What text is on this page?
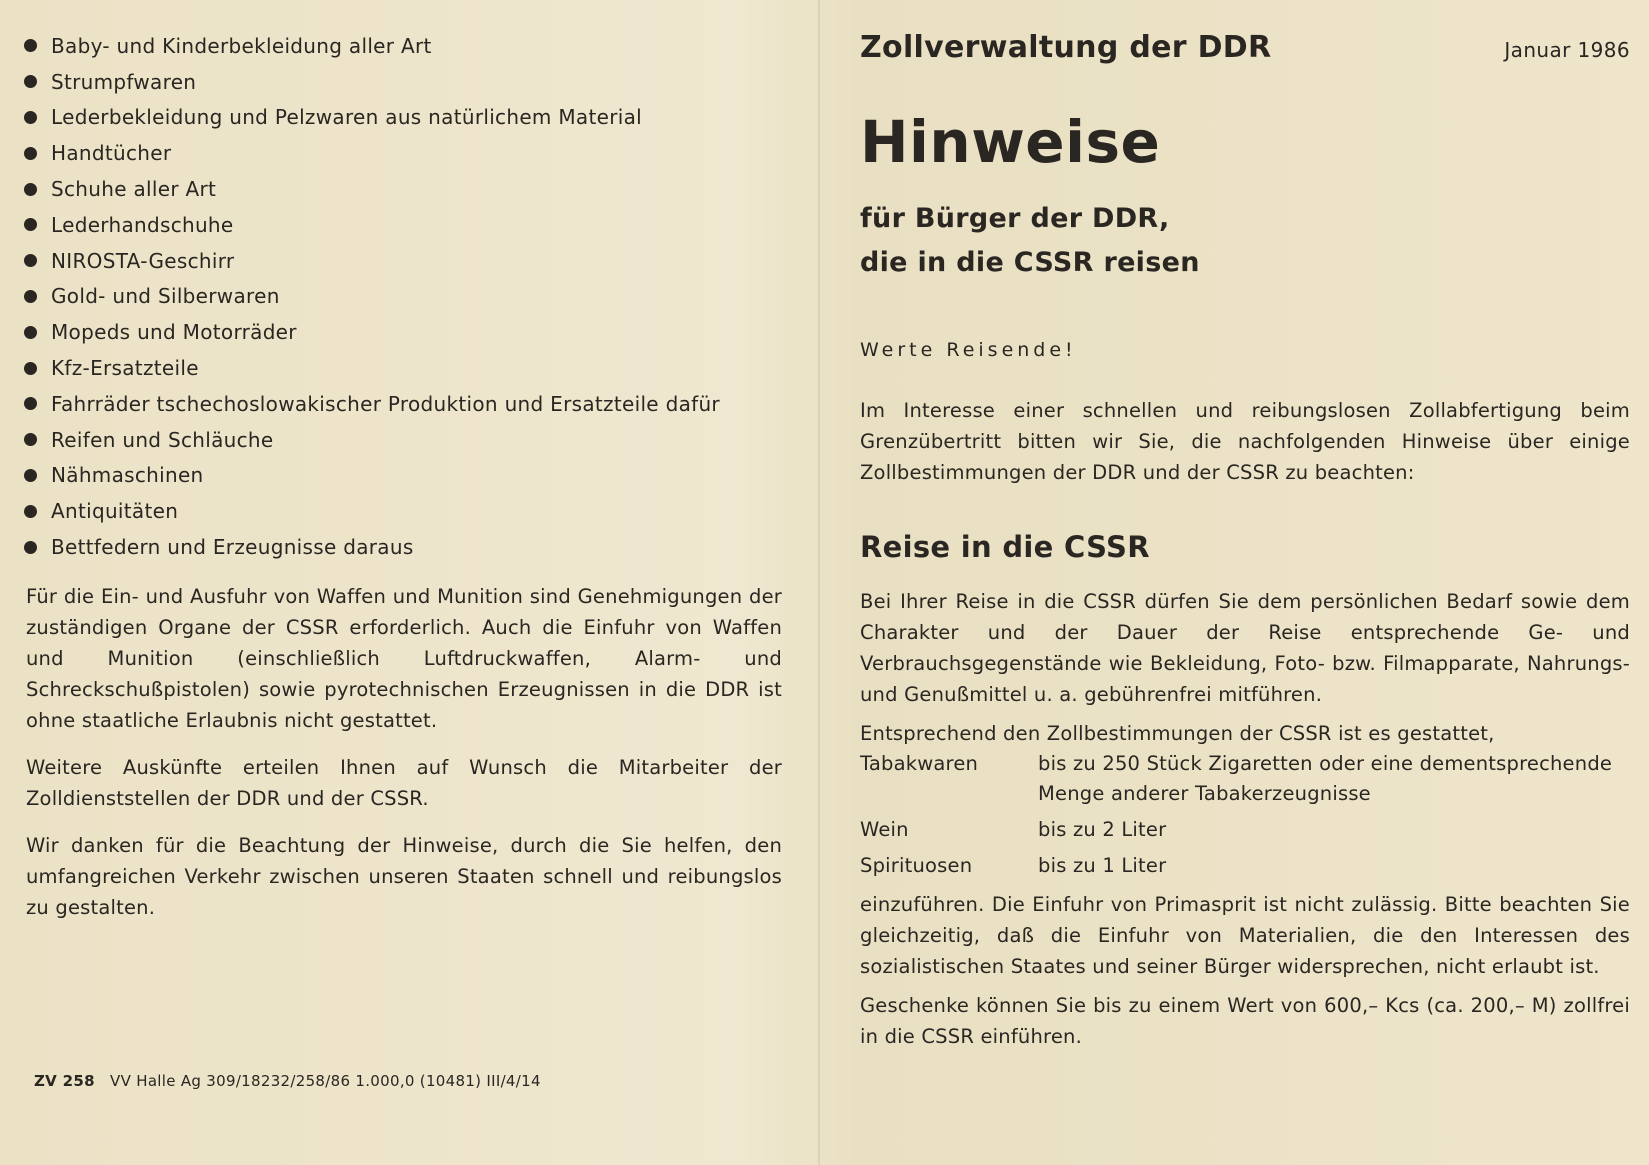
Baby- und Kinderbekleidung aller Art
Strumpfwaren
Lederbekleidung und Pelzwaren aus natürlichem Material
Handtücher
Schuhe aller Art
Lederhandschuhe
NIROSTA-Geschirr
Gold- und Silberwaren
Mopeds und Motorräder
Kfz-Ersatzteile
Fahrräder tschechoslowakischer Produktion und Ersatzteile dafür
Reifen und Schläuche
Nähmaschinen
Antiquitäten
Bettfedern und Erzeugnisse daraus

Für die Ein- und Ausfuhr von Waffen und Munition sind Genehmigungen der zuständigen Organe der CSSR erforderlich. Auch die Einfuhr von Waffen und Munition (einschließlich Luftdruckwaffen, Alarm- und Schreckschußpistolen) sowie pyrotechnischen Erzeugnissen in die DDR ist ohne staatliche Erlaubnis nicht gestattet.

Weitere Auskünfte erteilen Ihnen auf Wunsch die Mitarbeiter der Zolldienststellen der DDR und der CSSR.

Wir danken für die Beachtung der Hinweise, durch die Sie helfen, den umfangreichen Verkehr zwischen unseren Staaten schnell und reibungslos zu gestalten.

ZV 258 VV Halle Ag 309/18232/258/86 1.000,0 (10481) III/4/14
Zollverwaltung der DDR	Januar 1986
Hinweise
für Bürger der DDR,
die in die CSSR reisen
Werte Reisende!

Im Interesse einer schnellen und reibungslosen Zollabfertigung beim Grenzübertritt bitten wir Sie, die nachfolgenden Hinweise über einige Zollbestimmungen der DDR und der CSSR zu beachten:

Reise in die CSSR

Bei Ihrer Reise in die CSSR dürfen Sie dem persönlichen Bedarf sowie dem Charakter und der Dauer der Reise entsprechende Ge- und Verbrauchsgegenstände wie Bekleidung, Foto- bzw. Filmapparate, Nahrungs- und Genußmittel u. a. gebührenfrei mitführen.

Entsprechend den Zollbestimmungen der CSSR ist es gestattet,

Tabakwaren	bis zu 250 Stück Zigaretten oder eine dementsprechende Menge anderer Tabakerzeugnisse
Wein	bis zu 2 Liter
Spirituosen	bis zu 1 Liter

einzuführen. Die Einfuhr von Primasprit ist nicht zulässig. Bitte beachten Sie gleichzeitig, daß die Einfuhr von Materialien, die den Interessen des sozialistischen Staates und seiner Bürger widersprechen, nicht erlaubt ist.

Geschenke können Sie bis zu einem Wert von 600,– Kcs (ca. 200,– M) zollfrei in die CSSR einführen.
